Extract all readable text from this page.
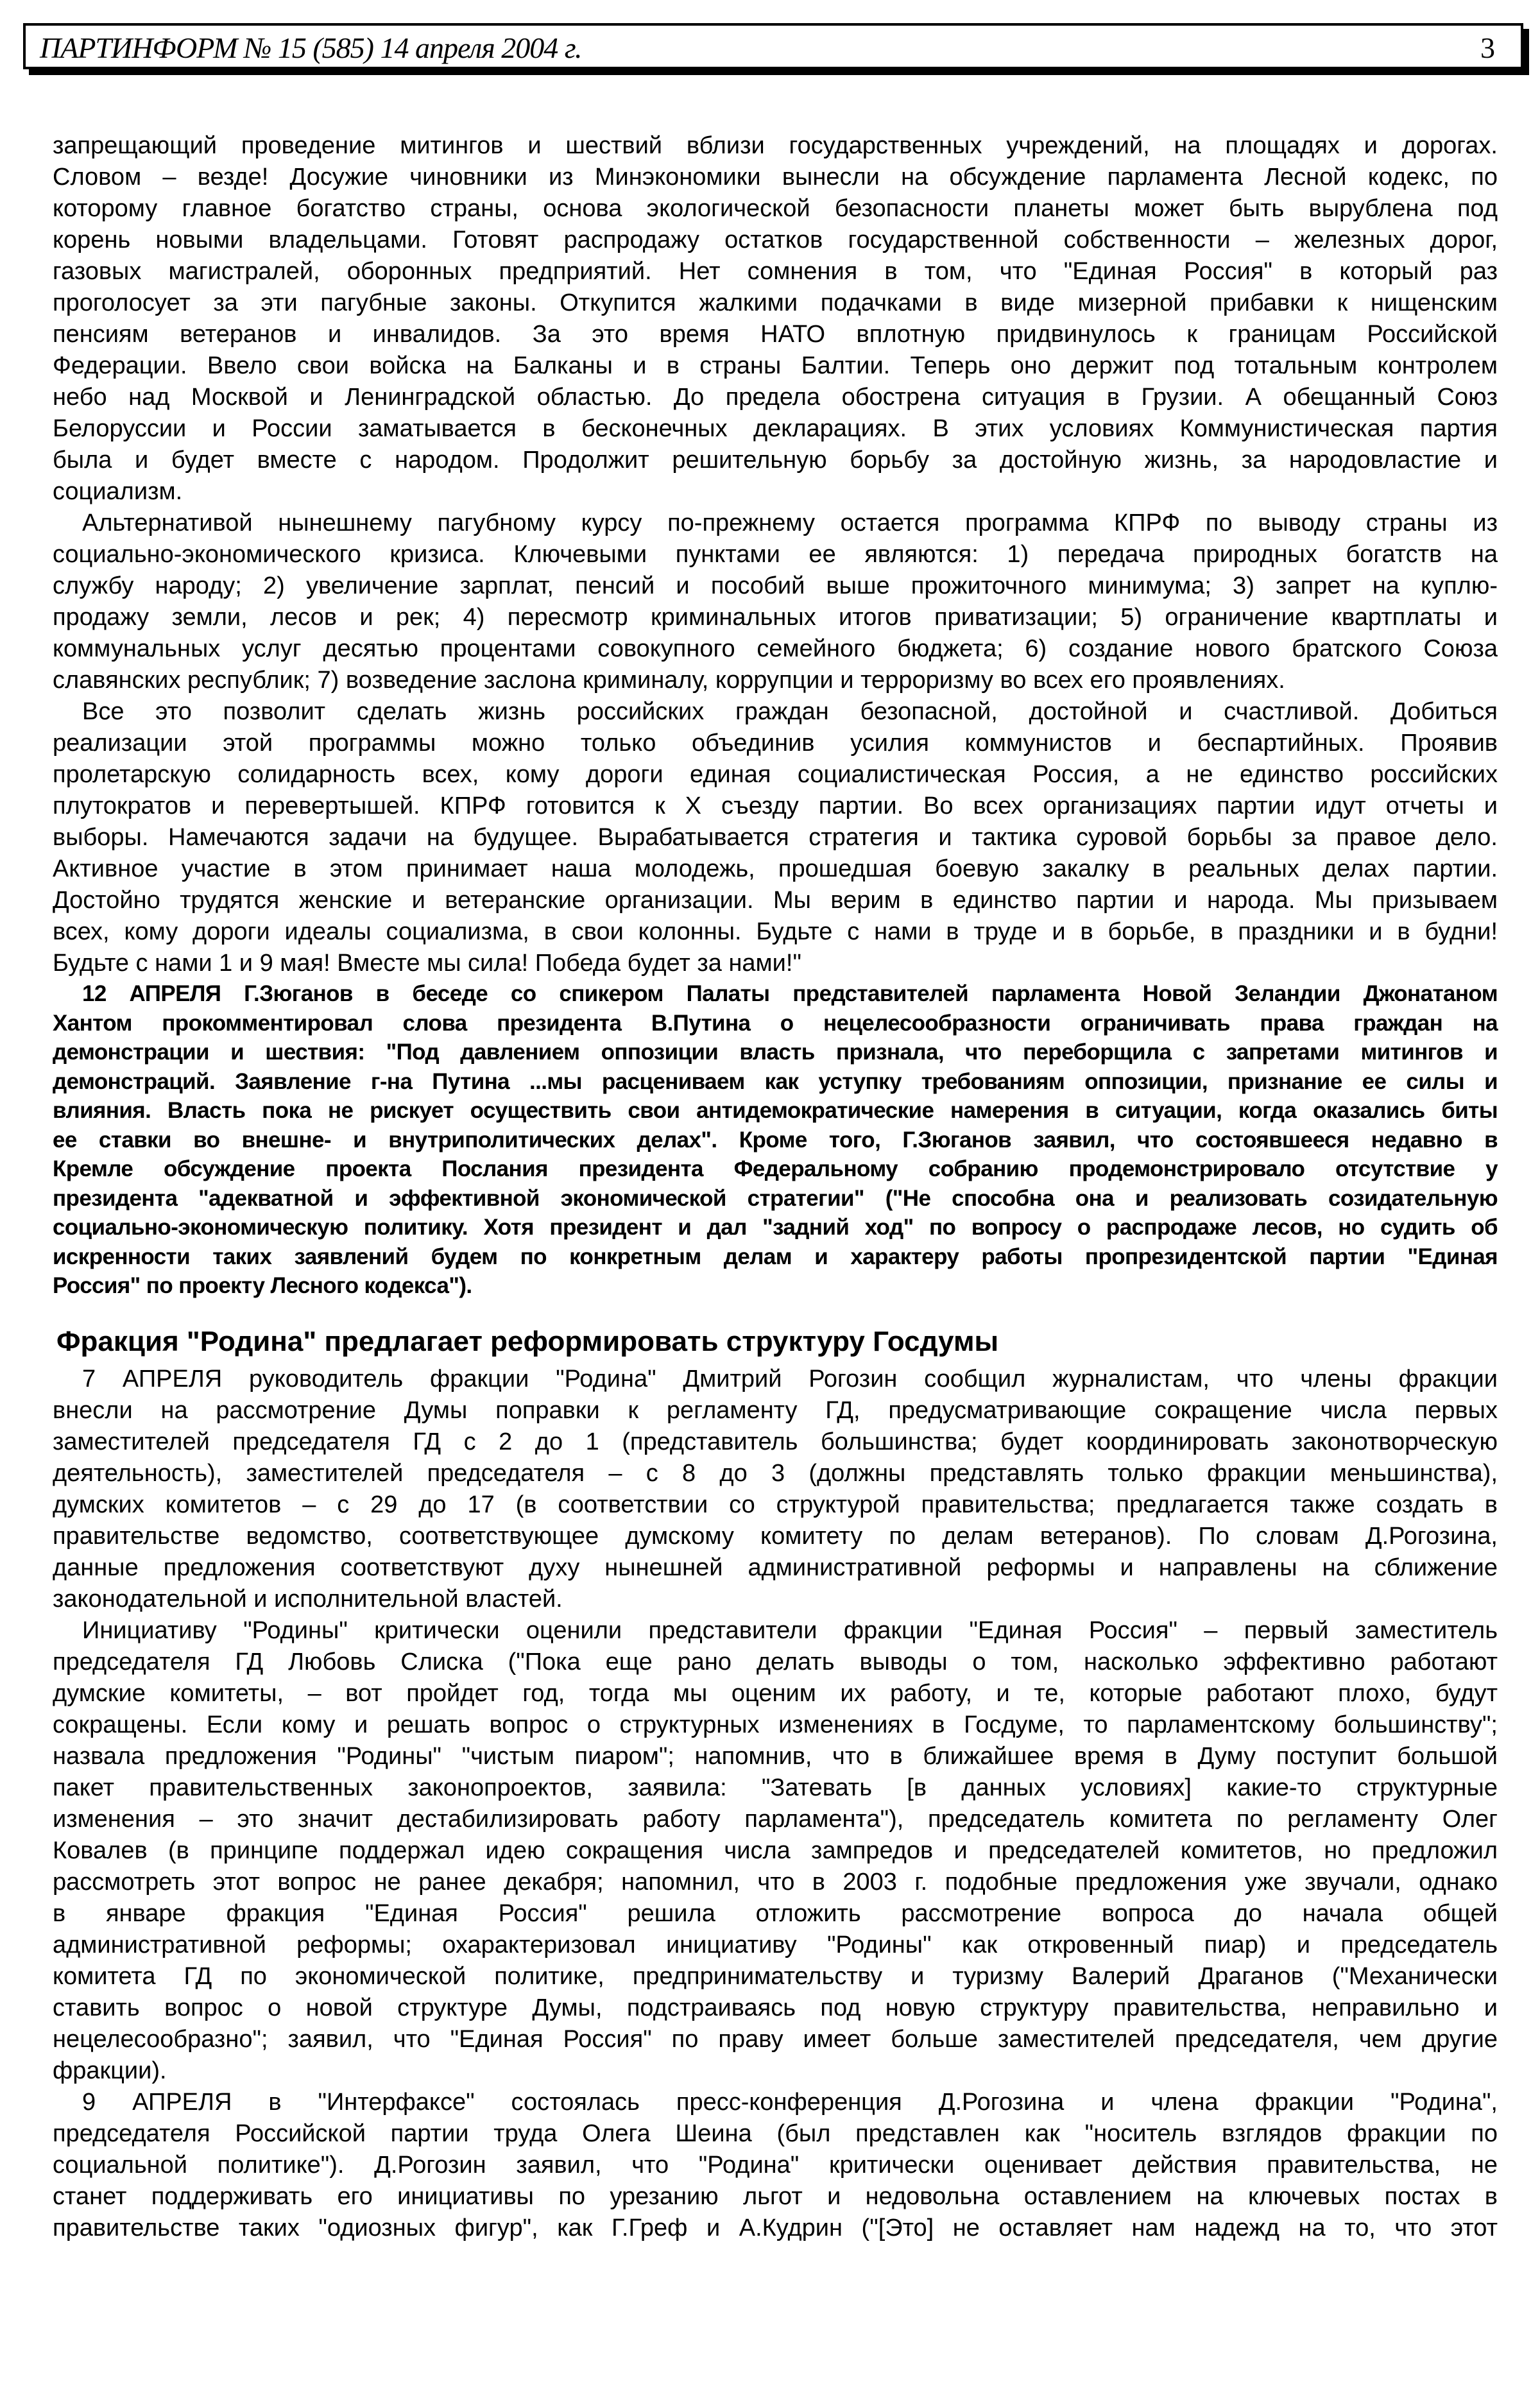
ПАРТИНФОРМ № 15 (585) 14 апреля 2004 г.	3
запрещающий проведение митингов и шествий вблизи государственных учреждений, на площадях и дорогах.
Словом – везде! Досужие чиновники из Минэкономики вынесли на обсуждение парламента Лесной кодекс, по
которому главное богатство страны, основа экологической безопасности планеты может быть вырублена под
корень новыми владельцами. Готовят распродажу остатков государственной собственности – железных дорог,
газовых магистралей, оборонных предприятий. Нет сомнения в том, что "Единая Россия" в который раз
проголосует за эти пагубные законы. Откупится жалкими подачками в виде мизерной прибавки к нищенским
пенсиям ветеранов и инвалидов. За это время НАТО вплотную придвинулось к границам Российской
Федерации. Ввело свои войска на Балканы и в страны Балтии. Теперь оно держит под тотальным контролем
небо над Москвой и Ленинградской областью. До предела обострена ситуация в Грузии. А обещанный Союз
Белоруссии и России заматывается в бесконечных декларациях. В этих условиях Коммунистическая партия
была и будет вместе с народом. Продолжит решительную борьбу за достойную жизнь, за народовластие и
социализм.
Альтернативой нынешнему пагубному курсу по-прежнему остается программа КПРФ по выводу страны из
социально-экономического кризиса. Ключевыми пунктами ее являются: 1) передача природных богатств на
службу народу; 2) увеличение зарплат, пенсий и пособий выше прожиточного минимума; 3) запрет на куплю-
продажу земли, лесов и рек; 4) пересмотр криминальных итогов приватизации; 5) ограничение квартплаты и
коммунальных услуг десятью процентами совокупного семейного бюджета; 6) создание нового братского Союза
славянских республик; 7) возведение заслона криминалу, коррупции и терроризму во всех его проявлениях.
Все это позволит сделать жизнь российских граждан безопасной, достойной и счастливой. Добиться
реализации этой программы можно только объединив усилия коммунистов и беспартийных. Проявив
пролетарскую солидарность всех, кому дороги единая социалистическая Россия, а не единство российских
плутократов и перевертышей. КПРФ готовится к X съезду партии. Во всех организациях партии идут отчеты и
выборы. Намечаются задачи на будущее. Вырабатывается стратегия и тактика суровой борьбы за правое дело.
Активное участие в этом принимает наша молодежь, прошедшая боевую закалку в реальных делах партии.
Достойно трудятся женские и ветеранские организации. Мы верим в единство партии и народа. Мы призываем
всех, кому дороги идеалы социализма, в свои колонны. Будьте с нами в труде и в борьбе, в праздники и в будни!
Будьте с нами 1 и 9 мая! Вместе мы сила! Победа будет за нами!"
12 АПРЕЛЯ Г.Зюганов в беседе со спикером Палаты представителей парламента Новой Зеландии Джонатаном
Хантом прокомментировал слова президента В.Путина о нецелесообразности ограничивать права граждан на
демонстрации и шествия: "Под давлением оппозиции власть признала, что переборщила с запретами митингов и
демонстраций. Заявление г-на Путина ...мы расцениваем как уступку требованиям оппозиции, признание ее силы и
влияния. Власть пока не рискует осуществить свои антидемократические намерения в ситуации, когда оказались биты
ее ставки во внешне- и внутриполитических делах". Кроме того, Г.Зюганов заявил, что состоявшееся недавно в
Кремле обсуждение проекта Послания президента Федеральному собранию продемонстрировало отсутствие у
президента "адекватной и эффективной экономической стратегии" ("Не способна она и реализовать созидательную
социально-экономическую политику. Хотя президент и дал "задний ход" по вопросу о распродаже лесов, но судить об
искренности таких заявлений будем по конкретным делам и характеру работы пропрезидентской партии "Единая
Россия" по проекту Лесного кодекса").
Фракция "Родина" предлагает реформировать структуру Госдумы
7 АПРЕЛЯ руководитель фракции "Родина" Дмитрий Рогозин сообщил журналистам, что члены фракции
внесли на рассмотрение Думы поправки к регламенту ГД, предусматривающие сокращение числа первых
заместителей председателя ГД с 2 до 1 (представитель большинства; будет координировать законотворческую
деятельность), заместителей председателя – с 8 до 3 (должны представлять только фракции меньшинства),
думских комитетов – с 29 до 17 (в соответствии со структурой правительства; предлагается также создать в
правительстве ведомство, соответствующее думскому комитету по делам ветеранов). По словам Д.Рогозина,
данные предложения соответствуют духу нынешней административной реформы и направлены на сближение
законодательной и исполнительной властей.
Инициативу "Родины" критически оценили представители фракции "Единая Россия" – первый заместитель
председателя ГД Любовь Слиска ("Пока еще рано делать выводы о том, насколько эффективно работают
думские комитеты, – вот пройдет год, тогда мы оценим их работу, и те, которые работают плохо, будут
сокращены. Если кому и решать вопрос о структурных изменениях в Госдуме, то парламентскому большинству";
назвала предложения "Родины" "чистым пиаром"; напомнив, что в ближайшее время в Думу поступит большой
пакет правительственных законопроектов, заявила: "Затевать [в данных условиях] какие-то структурные
изменения – это значит дестабилизировать работу парламента"), председатель комитета по регламенту Олег
Ковалев (в принципе поддержал идею сокращения числа зампредов и председателей комитетов, но предложил
рассмотреть этот вопрос не ранее декабря; напомнил, что в 2003 г. подобные предложения уже звучали, однако
в январе фракция "Единая Россия" решила отложить рассмотрение вопроса до начала общей
административной реформы; охарактеризовал инициативу "Родины" как откровенный пиар) и председатель
комитета ГД по экономической политике, предпринимательству и туризму Валерий Драганов ("Механически
ставить вопрос о новой структуре Думы, подстраиваясь под новую структуру правительства, неправильно и
нецелесообразно"; заявил, что "Единая Россия" по праву имеет больше заместителей председателя, чем другие
фракции).
9 АПРЕЛЯ в "Интерфаксе" состоялась пресс-конференция Д.Рогозина и члена фракции "Родина",
председателя Российской партии труда Олега Шеина (был представлен как "носитель взглядов фракции по
социальной политике"). Д.Рогозин заявил, что "Родина" критически оценивает действия правительства, не
станет поддерживать его инициативы по урезанию льгот и недовольна оставлением на ключевых постах в
правительстве таких "одиозных фигур", как Г.Греф и А.Кудрин ("[Это] не оставляет нам надежд на то, что этот
